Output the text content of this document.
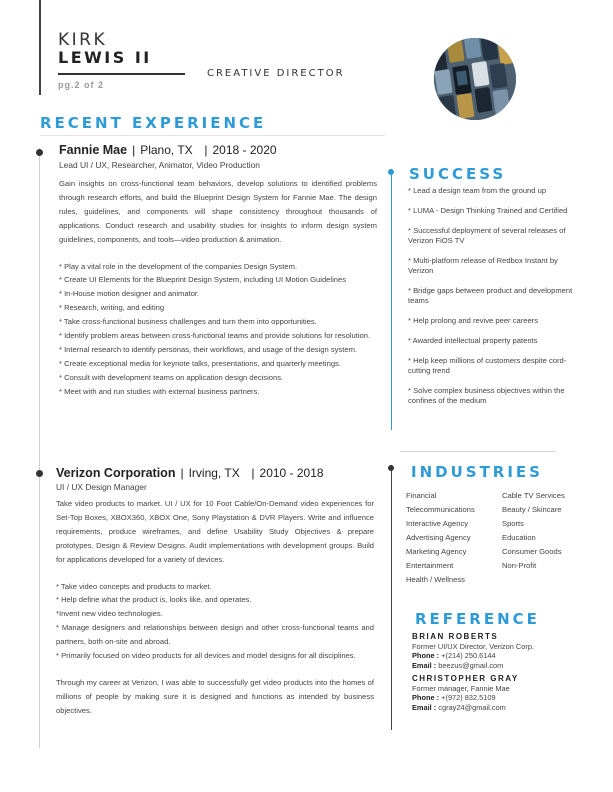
KIRK
LEWIS II
pg.2 of 2
CREATIVE DIRECTOR
RECENT EXPERIENCE
Fannie Mae | Plano, TX  | 2018 - 2020
Lead UI / UX, Researcher, Animator, Video Production
Gain insights on cross-functional team behaviors, develop solutions to identified problems through research efforts, and build the Blueprint Design System for Fannie Mae. The design rules, guidelines, and components will shape consistency throughout thousands of applications. Conduct research and usability studies for insights to inform design system guidelines, components, and tools—video production & animation.
* Play a vital role in the development of the companies Design System.
* Create UI Elements for the Blueprint Design System, including UI Motion Guidelines
* In-House motion designer and animator.
* Research, writing, and editing
* Take cross-functional business challenges and turn them into opportunities.
* Identify problem areas between cross-functional teams and provide solutions for resolution.
* Internal research to identify personas, their workflows, and usage of the design system.
* Create exceptional media for keynote talks, presentations, and quarterly meetings.
* Consult with development teams on application design decisions.
* Meet with and run studies with external business partners.
Verizon Corporation | Irving, TX  | 2010 - 2018
UI / UX Design Manager
Take video products to market. UI / UX for 10 Foot Cable/On-Demand video experiences for Set-Top Boxes, XBOX360, XBOX One, Sony Playstation & DVR Players. Write and influence requirements, produce wireframes, and define Usability Study Objectives & prepare prototypes. Design & Review Designs. Audit implementations with development groups. Build for applications developed for a variety of devices.
* Take video concepts and products to market.
* Help define what the product is, looks like, and operates.
*Invent new video technologies.
* Manage designers and relationships between design and other cross-functional teams and partners, both on-site and abroad.
* Primarily focused on video products for all devices and model designs for all disciplines.
Through my career at Verizon, I was able to successfully get video products into the homes of millions of people by making sure it is designed and functions as intended by business objectives.
SUCCESS
* Lead a design team from the ground up
* LUMA - Design Thinking Trained and Certified
* Successful deployment of several releases of Verizon FiOS TV
* Multi-platform release of Redbox Instant by Verizon
* Bridge gaps between product and development teams
* Help prolong and revive peer careers
* Awarded intellectual property patents
* Help keep millions of customers despite cord-cutting trend
* Solve complex business objectives within the confines of the medium
INDUSTRIES
Financial
Telecommunications
Interactive Agency
Advertising Agency
Marketing Agency
Entertainment
Health / Wellness
Cable TV Services
Beauty / Skincare
Sports
Education
Consumer Goods
Non-Profit
REFERENCE
BRIAN ROBERTS
Former UI/UX Director, Verizon Corp.
Phone : +(214) 250.6144
Email : beezus@gmail.com
CHRISTOPHER GRAY
Former manager, Fannie Mae
Phone : +(972) 832.5109
Email : cgray24@gmail.com
